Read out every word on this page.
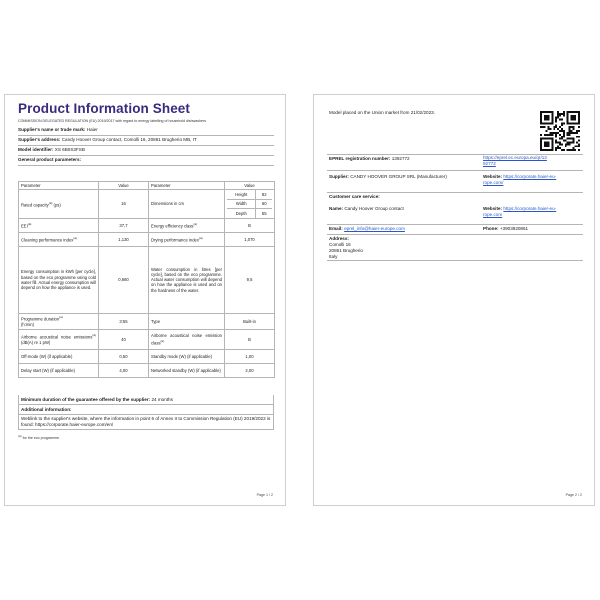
Product Information Sheet
COMMISSION DELEGATED REGULATION (EU) 2019/2017 with regard to energy labelling of household dishwashers
Supplier's name or trade mark: Haier
Supplier's address: Candy Hoover Group contact, Comolli 16, 20861 Brugherio MB, IT
Model identifier: XS 6B0S3FSB
General product parameters:
Parameter	Value	Parameter	Value
Rated capacity$^{(a)}$ (ps)	16	Dimensions in cm	
Height	82
Width	60
Depth	55

EEI$^{(a)}$	37,7	Energy efficiency class$^{(a)}$	B
Cleaning performance index$^{(a)}$	1,130	Drying performance index$^{(a)}$	1,070
Energy consumption in kWh [per cycle], based on the eco programme using cold water fill. Actual energy consumption will depend on how the appliance is used.	0,660	Water consumption in litres [per cycle], based on the eco programme. Actual water consumption will depend on how the appliance is used and on the hardness of the water.	9,5
Programme duration$^{(a)}$
(h:min)	3:55	Type	Built-in
Airborne acoustical noise emissions$^{(a)}$ (dB(A) re 1 pW)	40	Airborne acoustical noise emission class$^{(a)}$	B
Off-mode (W) (if applicable)	0,50	Standby mode (W) (if applicable)	1,00
Delay start (W) (if applicable)	4,00	Networked standby (W) (if applicable)	2,00
Minimum duration of the guarantee offered by the supplier: 24 months
Additional information:
Weblink to the supplier's website, where the information in point 6 of Annex II to Commission Regulation (EU) 2019/2022 is found: https://corporate.haier-europe.com/en/
$^{(a)}$ for the eco programme.
Page 1 / 2
Model placed on the Union market from 21/02/2023.
EPREL registration number: 1392772	https://eprel.ec.europa.eu/qr/13
92772
Supplier: CANDY HOOVER GROUP SRL (Manufacturer)	Website: https://corporate.haier-eu-
rope.com/
Customer care service:
Name: Candy Hoover Group contact	Website: https://corporate.haier-eu-
rope.com
Email: eprel_info@haier-europe.com	Phone: +3903920861
Address:
Comolli 16
20861 Brugherio
Italy
Page 2 / 2
